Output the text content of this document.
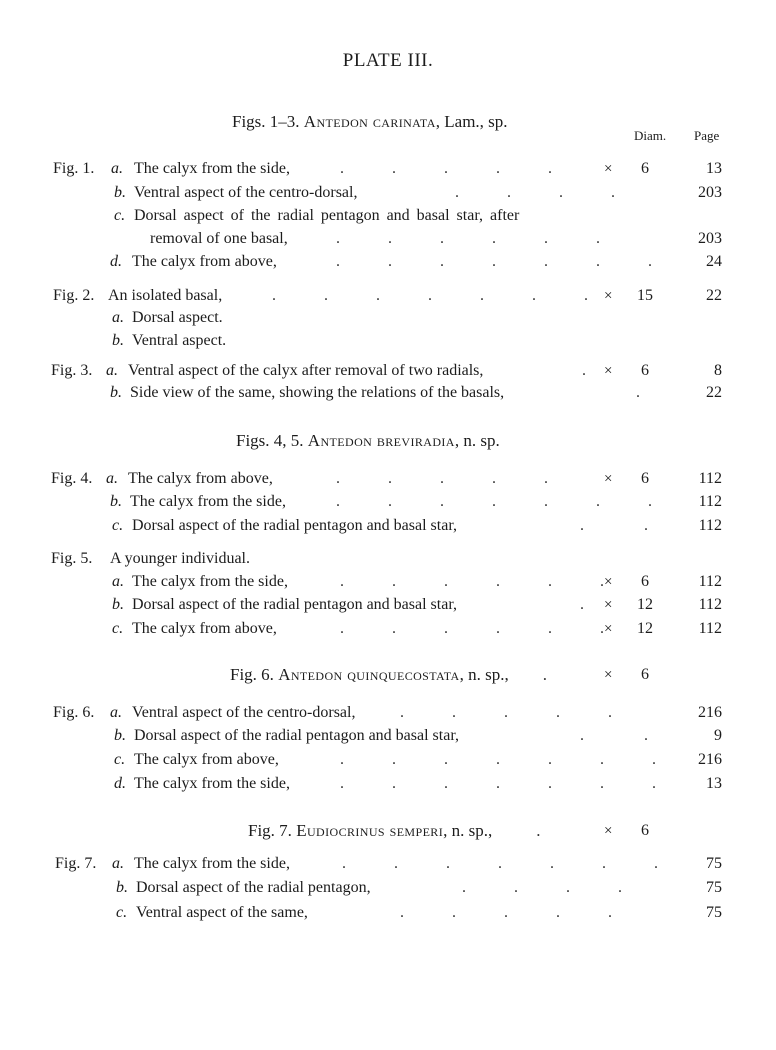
PLATE III.
Figs. 1–3. Antedon carinata, Lam., sp.
Diam. Page
Figs. 4, 5. Antedon breviradia, n. sp.
Fig. 6. Antedon quinquecostata, n. sp., .	×	6
Fig. 7. Eudiocrinus semperi, n. sp.,	.	×	6
Fig. 1. a. The calyx from the side,	.            .            .            .            .	×	6	13
b. Ventral aspect of the centro-dorsal,	.            .            .            .	203
c. Dorsal aspect of the radial pentagon and basal star, after
removal of one basal,	.            .            .            .            .            .	203
d. The calyx from above,	.            .            .            .            .            .            .	24
Fig. 2. An isolated basal,	.            .            .            .            .            .            . ×	15	22
a. Dorsal aspect.
b. Ventral aspect.
Fig. 3. a. Ventral aspect of the calyx after removal of two radials,	. ×	6	8
b. Side view of the same, showing the relations of the basals,	.	22
Fig. 4. a. The calyx from above,	.            .            .            .            .	×	6	112
b. The calyx from the side,	.            .            .            .            .            .            .	112
c. Dorsal aspect of the radial pentagon and basal star,	.               .	112
Fig. 5. A younger individual.
a. The calyx from the side,	.            .            .            .            .            . ×	6	112
b. Dorsal aspect of the radial pentagon and basal star,	. ×	12	112
c. The calyx from above,	.            .            .            .            .            . ×	12	112
Fig. 6. a. Ventral aspect of the centro-dorsal,	.            .            .            .            .	216
b. Dorsal aspect of the radial pentagon and basal star,	.               .	9
c. The calyx from above,	.            .            .            .            .            .            .	216
d. The calyx from the side,	.            .            .            .            .            .            .	13
Fig. 7. a. The calyx from the side,	.            .            .            .            .            .            .	75
b. Dorsal aspect of the radial pentagon,	.            .            .            .	75
c. Ventral aspect of the same,	.            .            .            .            .	75
